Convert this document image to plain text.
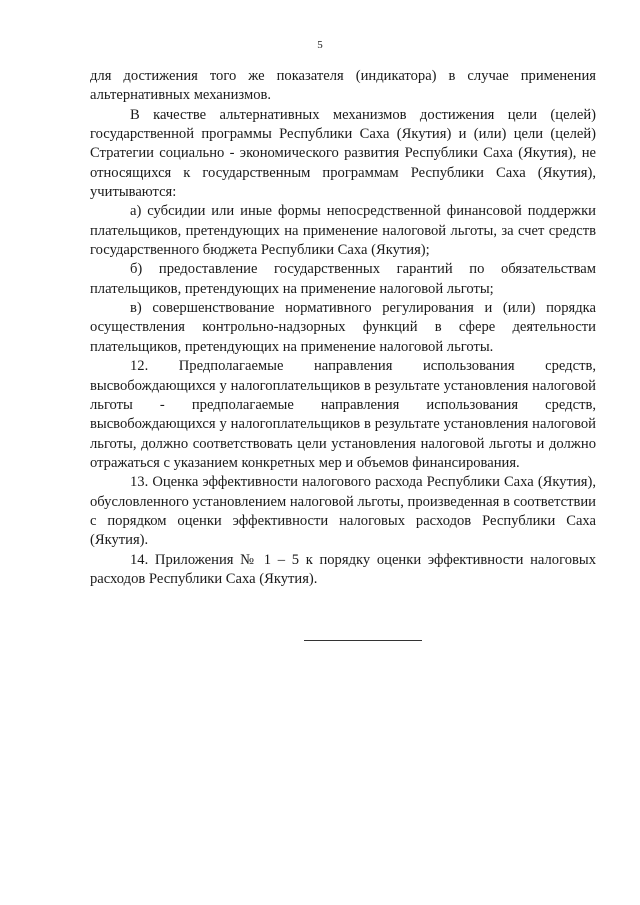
5

для достижения того же показателя (индикатора) в случае применения альтернативных механизмов.

В качестве альтернативных механизмов достижения цели (целей) государственной программы Республики Саха (Якутия) и (или) цели (целей) Стратегии социально - экономического развития Республики Саха (Якутия), не относящихся к государственным программам Республики Саха (Якутия), учитываются:

а) субсидии или иные формы непосредственной финансовой поддержки плательщиков, претендующих на применение налоговой льготы, за счет средств государственного бюджета Республики Саха (Якутия);

б) предоставление государственных гарантий по обязательствам плательщиков, претендующих на применение налоговой льготы;

в) совершенствование нормативного регулирования и (или) порядка осуществления контрольно-надзорных функций в сфере деятельности плательщиков, претендующих на применение налоговой льготы.

12. Предполагаемые направления использования средств, высвобождающихся у налогоплательщиков в результате установления налоговой льготы - предполагаемые направления использования средств, высвобождающихся у налогоплательщиков в результате установления налоговой льготы, должно соответствовать цели установления налоговой льготы и должно отражаться с указанием конкретных мер и объемов финансирования.

13. Оценка эффективности налогового расхода Республики Саха (Якутия), обусловленного установлением налоговой льготы, произведенная в соответствии с порядком оценки эффективности налоговых расходов Республики Саха (Якутия).

14. Приложения № 1 – 5 к порядку оценки эффективности налоговых расходов Республики Саха (Якутия).
